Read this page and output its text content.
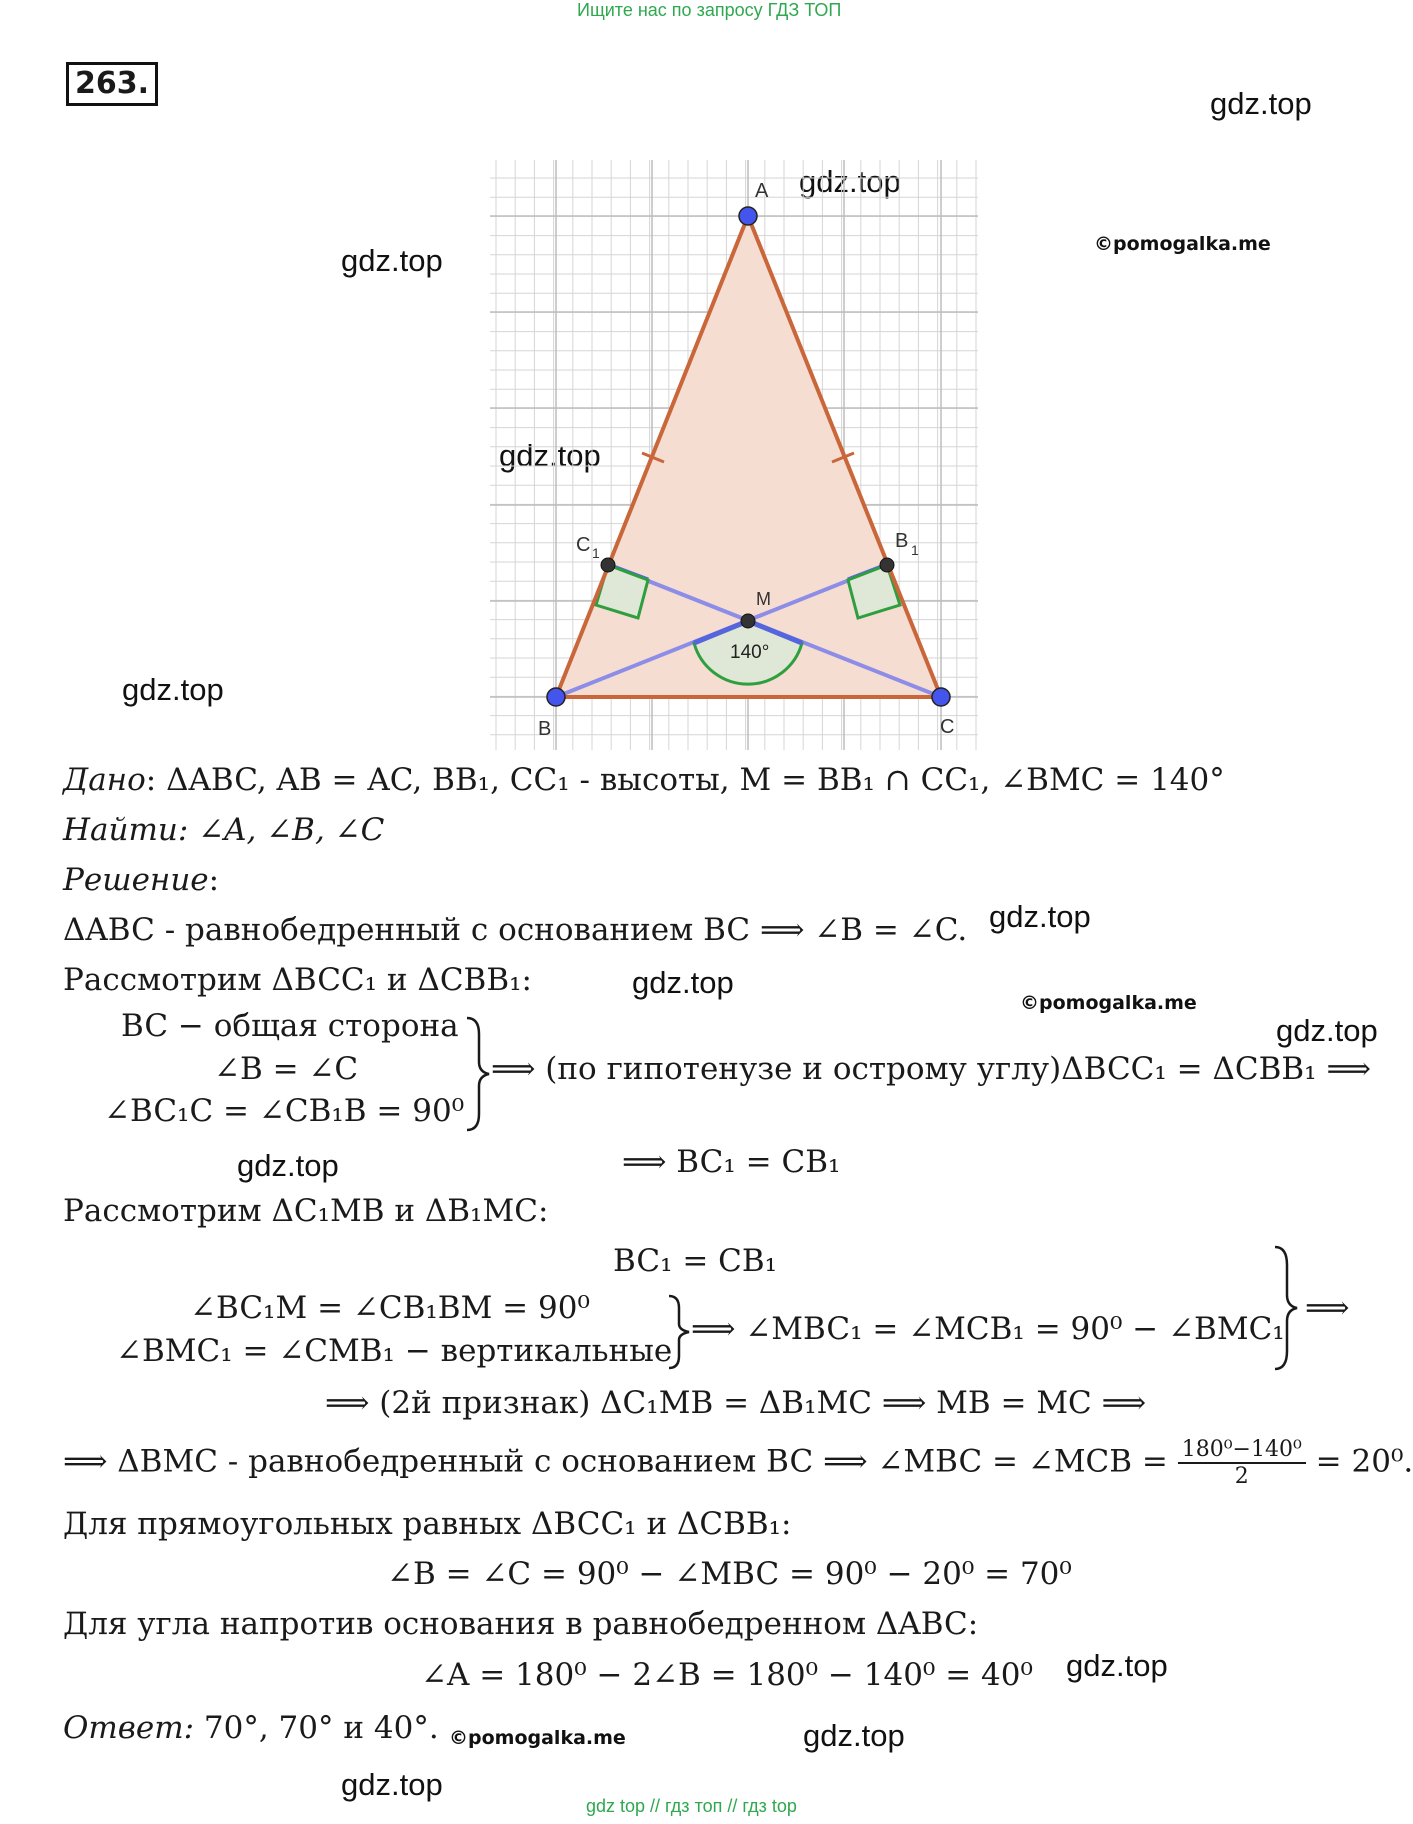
Ищите нас по запросу ГДЗ ТОП
263.
gdz.top
gdz.top
©pomogalka.me
gdz.top
gdz.top
gdz.top
gdz.top
gdz.top
©pomogalka.me
gdz.top
gdz.top
gdz.top
©pomogalka.me	gdz.top
gdz.top
A
B	C
M
C 1
B 1
140°
Дано: ΔABC, AB = AC, BB₁, CC₁ - высоты, M = BB₁ ∩ CC₁, ∠BMC = 140°
Найти: ∠A, ∠B, ∠C
Решение:
ΔABC - равнобедренный с основанием BC ⟹ ∠B = ∠C.
Рассмотрим ΔBCC₁ и ΔCBB₁:
BC − общая сторона
∠B = ∠C
∠BC₁C = ∠CB₁B = 90⁰
⟹ (по гипотенузе и острому углу)ΔBCC₁ = ΔCBB₁ ⟹
⟹ BC₁ = CB₁
Рассмотрим ΔC₁MB и ΔB₁MC:
BC₁ = CB₁
∠BC₁M = ∠CB₁BM = 90⁰
∠BMC₁ = ∠CMB₁ − вертикальные
⟹ ∠MBC₁ = ∠MCB₁ = 90⁰ − ∠BMC₁
⟹
⟹ (2й признак) ΔC₁MB = ΔB₁MC ⟹ MB = MC ⟹
⟹ ΔBMC - равнобедренный с основанием BC ⟹ ∠MBC = ∠MCB = $\frac{\text{180⁰−140⁰}}{2} = 20^0$.
Для прямоугольных равных ΔBCC₁ и ΔCBB₁:
∠B = ∠C = 90⁰ − ∠MBC = 90⁰ − 20⁰ = 70⁰
Для угла напротив основания в равнобедренном ΔABC:
∠A = 180⁰ − 2∠B = 180⁰ − 140⁰ = 40⁰
Ответ: 70°, 70° и 40°.
gdz top // гдз топ // гдз top
